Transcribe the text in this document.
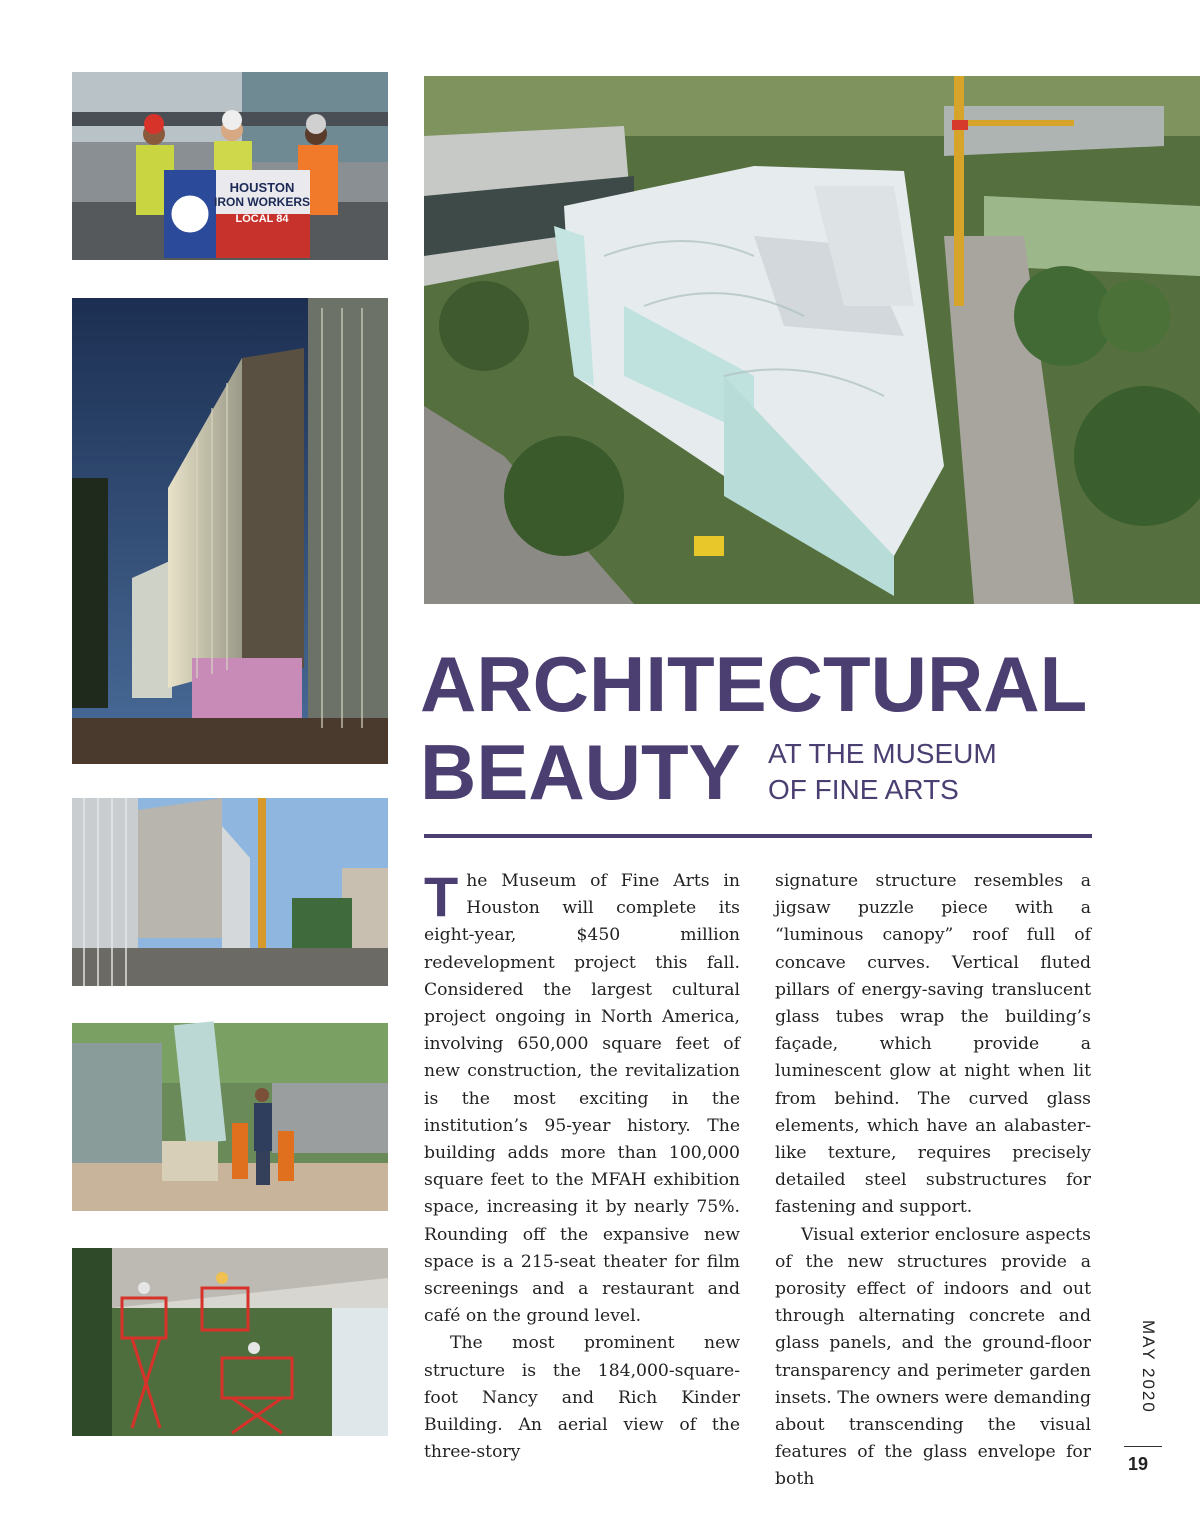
HOUSTON
IRON WORKERS
LOCAL 84
ARCHITECTURAL
BEAUTY AT THE MUSEUM
OF FINE ARTS

The Museum of Fine Arts in Houston will complete its eight-year, $450 million redevelopment project this fall. Considered the largest cultural project ongoing in North America, involving 650,000 square feet of new construction, the revitalization is the most exciting in the institution’s 95-year history. The building adds more than 100,000 square feet to the MFAH exhibition space, increasing it by nearly 75%. Rounding off the expansive new space is a 215-seat theater for film screenings and a restaurant and café on the ground level.

The most prominent new structure is the 184,000-square-foot Nancy and Rich Kinder Building. An aerial view of the three-story

signature structure resembles a jigsaw puzzle piece with a “luminous canopy” roof full of concave curves. Vertical fluted pillars of energy-saving translucent glass tubes wrap the building’s façade, which provide a luminescent glow at night when lit from behind. The curved glass elements, which have an alabaster-like texture, requires precisely detailed steel substructures for fastening and support.

Visual exterior enclosure aspects of the new structures provide a porosity effect of indoors and out through alternating concrete and glass panels, and the ground-floor transparency and perimeter garden insets. The owners were demanding about transcending the visual features of the glass envelope for both

MAY 2020
19
